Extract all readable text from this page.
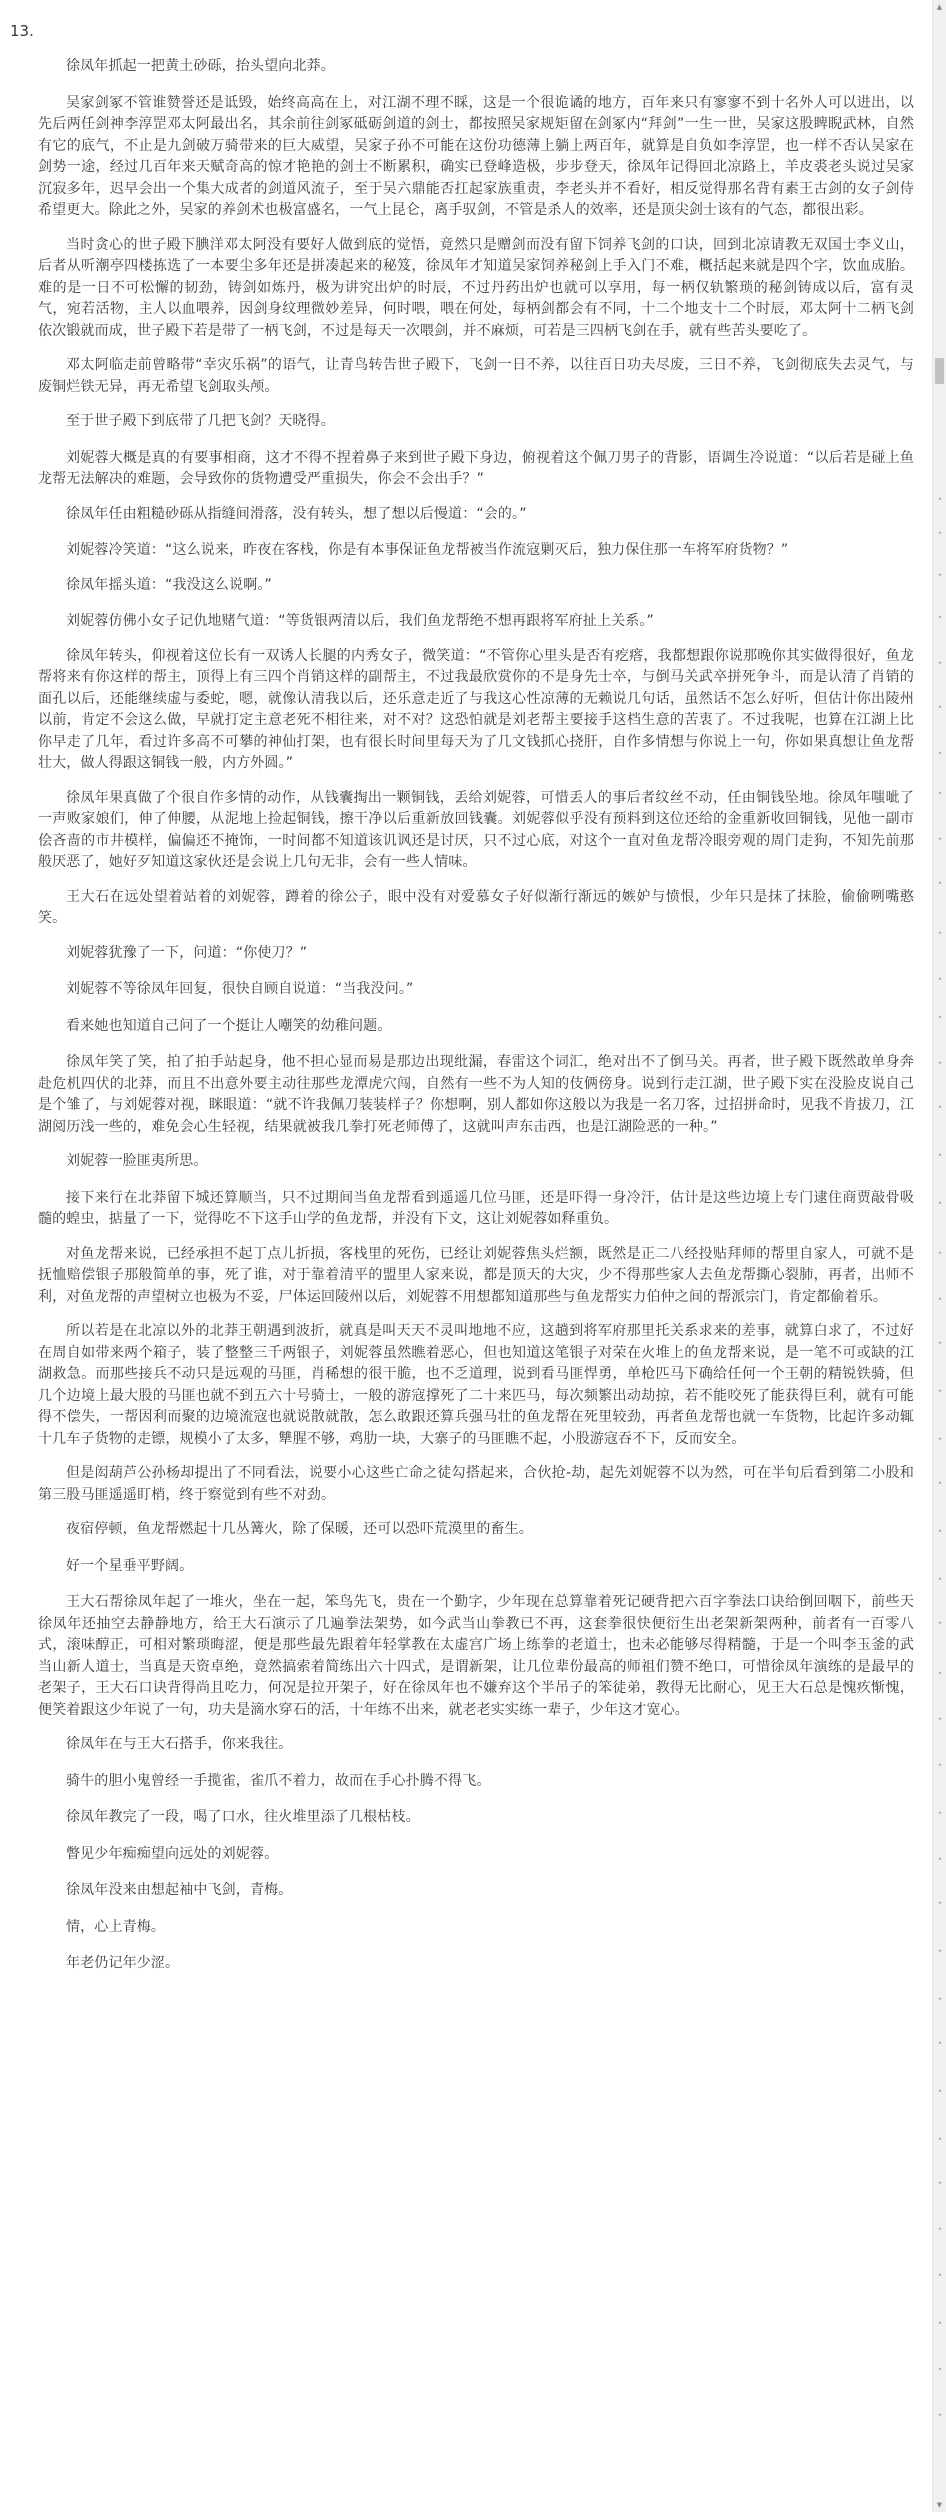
13.

徐凤年抓起一把黄土砂砾，抬头望向北莽。

吴家剑冢不管谁赞誉还是诋毁，始终高高在上，对江湖不理不睬，这是一个很诡谲的地方，百年来只有寥寥不到十名外人可以进出，以先后两任剑神李淳罡邓太阿最出名，其余前往剑冢砥砺剑道的剑士，都按照吴家规矩留在剑冢内“拜剑”一生一世，吴家这股睥睨武林，自然有它的底气，不止是九剑破万骑带来的巨大威望，吴家子孙不可能在这份功德薄上躺上两百年，就算是自负如李淳罡，也一样不否认吴家在剑势一途，经过几百年来天赋奇高的惊才艳艳的剑士不断累积，确实已登峰造极，步步登天，徐凤年记得回北凉路上，羊皮裘老头说过吴家沉寂多年，迟早会出一个集大成者的剑道风流子，至于吴六鼎能否扛起家族重责，李老头并不看好，相反觉得那名背有素王古剑的女子剑侍希望更大。除此之外，吴家的养剑术也极富盛名，一气上昆仑，离手驭剑，不管是杀人的效率，还是顶尖剑士该有的气态，都很出彩。

当时贪心的世子殿下腆洋邓太阿没有要好人做到底的觉悟，竟然只是赠剑而没有留下饲养飞剑的口诀，回到北凉请教无双国士李义山，后者从听潮亭四楼拣选了一本要尘多年还是拼凑起来的秘笈，徐凤年才知道吴家饲养秘剑上手入门不难，概括起来就是四个字，饮血成胎。难的是一日不可松懈的韧劲，铸剑如炼丹，极为讲究出炉的时辰，不过丹药出炉也就可以享用，每一柄仅轨繁琐的秘剑铸成以后，富有灵气，宛若活物，主人以血喂养，因剑身纹理微妙差异，何时喂，喂在何处，每柄剑都会有不同，十二个地支十二个时辰，邓太阿十二柄飞剑依次锻就而成，世子殿下若是带了一柄飞剑，不过是每天一次喂剑，并不麻烦，可若是三四柄飞剑在手，就有些苦头要吃了。

邓太阿临走前曾略带“幸灾乐祸”的语气，让青鸟转告世子殿下，飞剑一日不养，以往百日功夫尽废，三日不养，飞剑彻底失去灵气，与废铜烂铁无异，再无希望飞剑取头颅。

至于世子殿下到底带了几把飞剑？天晓得。

刘妮蓉大概是真的有要事相商，这才不得不捏着鼻子来到世子殿下身边，俯视着这个佩刀男子的背影，语调生冷说道：“以后若是碰上鱼龙帮无法解决的难题，会导致你的货物遭受严重损失，你会不会出手？”

徐凤年任由粗糙砂砾从指缝间滑落，没有转头，想了想以后慢道：“会的。”

刘妮蓉冷笑道：“这么说来，昨夜在客栈，你是有本事保证鱼龙帮被当作流寇剿灭后，独力保住那一车将军府货物？”

徐凤年摇头道：“我没这么说啊。”

刘妮蓉仿佛小女子记仇地赌气道：“等货银两清以后，我们鱼龙帮绝不想再跟将军府扯上关系。”

徐凤年转头，仰视着这位长有一双诱人长腿的内秀女子，微笑道：“不管你心里头是否有疙瘩，我都想跟你说那晚你其实做得很好，鱼龙帮将来有你这样的帮主，顶得上有三四个肖销这样的副帮主，不过我最欣赏你的不是身先士卒，与倒马关武卒拼死争斗，而是认清了肖销的面孔以后，还能继续虚与委蛇，嗯，就像认清我以后，还乐意走近了与我这心性凉薄的无赖说几句话，虽然话不怎么好听，但估计你出陵州以前，肯定不会这么做，早就打定主意老死不相往来，对不对？这恐怕就是刘老帮主要接手这档生意的苦衷了。不过我呢，也算在江湖上比你早走了几年，看过许多高不可攀的神仙打架，也有很长时间里每天为了几文钱抓心挠肝，自作多情想与你说上一句，你如果真想让鱼龙帮壮大，做人得跟这铜钱一般，内方外圆。”

徐凤年果真做了个很自作多情的动作，从钱囊掏出一颗铜钱，丢给刘妮蓉，可惜丢人的事后者纹丝不动，任由铜钱坠地。徐凤年嗤呲了一声败家娘们，伸了伸腰，从泥地上捡起铜钱，擦干净以后重新放回钱囊。刘妮蓉似乎没有预料到这位还给的金重新收回铜钱，见他一副市侩吝啬的市井模样，偏偏还不掩饰，一时间都不知道该讥讽还是讨厌，只不过心底，对这个一直对鱼龙帮冷眼旁观的周门走狗，不知先前那般厌恶了，她好歹知道这家伙还是会说上几句无非，会有一些人情味。

王大石在远处望着站着的刘妮蓉，蹲着的徐公子，眼中没有对爱慕女子好似渐行渐远的嫉妒与愤恨，少年只是抹了抹脸，偷偷咧嘴憨笑。

刘妮蓉犹豫了一下，问道：“你使刀？”

刘妮蓉不等徐凤年回复，很快自顾自说道：“当我没问。”

看来她也知道自己问了一个挺让人嘲笑的幼稚问题。

徐凤年笑了笑，拍了拍手站起身，他不担心显而易是那边出现纰漏，春雷这个词汇，绝对出不了倒马关。再者，世子殿下既然敢单身奔赴危机四伏的北莽，而且不出意外要主动往那些龙潭虎穴闯，自然有一些不为人知的伎俩傍身。说到行走江湖，世子殿下实在没脸皮说自己是个雏了，与刘妮蓉对视，眯眼道：“就不许我佩刀装装样子？你想啊，别人都如你这般以为我是一名刀客，过招拼命时，见我不肯拔刀，江湖阅历浅一些的，难免会心生轻视，结果就被我几拳打死老师傅了，这就叫声东击西，也是江湖险恶的一种。”

刘妮蓉一脸匪夷所思。

接下来行在北莽留下城还算顺当，只不过期间当鱼龙帮看到遥遥几位马匪，还是吓得一身冷汗，估计是这些边境上专门逮住商贾敲骨吸髓的蝗虫，掂量了一下，觉得吃不下这手山学的鱼龙帮，并没有下文，这让刘妮蓉如释重负。

对鱼龙帮来说，已经承担不起丁点儿折损，客栈里的死伤，已经让刘妮蓉焦头烂额，既然是正二八经投贴拜师的帮里自家人，可就不是抚恤赔偿银子那般简单的事，死了谁，对于靠着清平的盟里人家来说，都是顶天的大灾，少不得那些家人去鱼龙帮撕心裂肺，再者，出师不利，对鱼龙帮的声望树立也极为不妥，尸体运回陵州以后，刘妮蓉不用想都知道那些与鱼龙帮实力伯仲之间的帮派宗门，肯定都偷着乐。

所以若是在北凉以外的北莽王朝遇到波折，就真是叫天天不灵叫地地不应，这趟到将军府那里托关系求来的差事，就算白求了，不过好在周自如带来两个箱子，装了整整三千两银子，刘妮蓉虽然瞧着恶心，但也知道这笔银子对荣在火堆上的鱼龙帮来说，是一笔不可或缺的江湖救急。而那些接兵不动只是远观的马匪，肖稀想的很干脆，也不乏道理，说到看马匪悍勇，单枪匹马下确给任何一个王朝的精锐铁骑，但几个边境上最大股的马匪也就不到五六十号骑士，一般的游寇撑死了二十来匹马，每次频繁出动劫掠，若不能咬死了能获得巨利，就有可能得不偿失，一帮因利而聚的边境流寇也就说散就散，怎么敢跟还算兵强马壮的鱼龙帮在死里较劲，再者鱼龙帮也就一车货物，比起许多动辄十几车子货物的走镖，规模小了太多，犨腥不够，鸡肋一块，大寨子的马匪瞧不起，小股游寇吞不下，反而安全。

但是闳葫芦公孙杨却提出了不同看法，说要小心这些亡命之徒勾搭起来，合伙抢-劫，起先刘妮蓉不以为然，可在半旬后看到第二小股和第三股马匪遥遥盯梢，终于察觉到有些不对劲。

夜宿停顿，鱼龙帮燃起十几丛篝火，除了保暖，还可以恐吓荒漠里的畜生。

好一个星垂平野阔。

王大石帮徐凤年起了一堆火，坐在一起，笨鸟先飞，贵在一个勤字，少年现在总算靠着死记硬背把六百字拳法口诀给倒回咽下，前些天徐凤年还抽空去静静地方，给王大石演示了几遍拳法架势，如今武当山拳教已不再，这套拳很快便衍生出老架新架两种，前者有一百零八式，滚味醇正，可相对繁琐晦涩，便是那些最先跟着年轻掌教在太虚宫广场上练拳的老道士，也未必能够尽得精髓，于是一个叫李玉釜的武当山新人道士，当真是天资卓绝，竟然搞索着简练出六十四式，是谓新架，让几位辈份最高的师祖们赞不绝口，可惜徐凤年演练的是最早的老架子，王大石口诀背得尚且吃力，何况是拉开架子，好在徐凤年也不嫌弃这个半吊子的笨徒弟，教得无比耐心，见王大石总是愧疚惭愧，便笑着跟这少年说了一句，功夫是滴水穿石的活，十年练不出来，就老老实实练一辈子，少年这才宽心。

徐凤年在与王大石搭手，你来我往。

骑牛的胆小鬼曾经一手揽雀，雀爪不着力，故而在手心扑腾不得飞。

徐凤年教完了一段，喝了口水，往火堆里添了几根枯枝。

瞥见少年痴痴望向远处的刘妮蓉。

徐凤年没来由想起袖中飞剑，青梅。

情，心上青梅。

年老仍记年少涩。

▲
◂
◂
◂
◂
◂
◂
◂
◂
◂
◂
◂
◂
◂
◂
◂
◂
◂
◂
◂
◂
◂
◂
◂
◂
◂
◂
◂
◂
◂
◂
◂
◂
◂
◂
◂
◂
◂
◂
◂
◂
◂
◂
◂
▼
